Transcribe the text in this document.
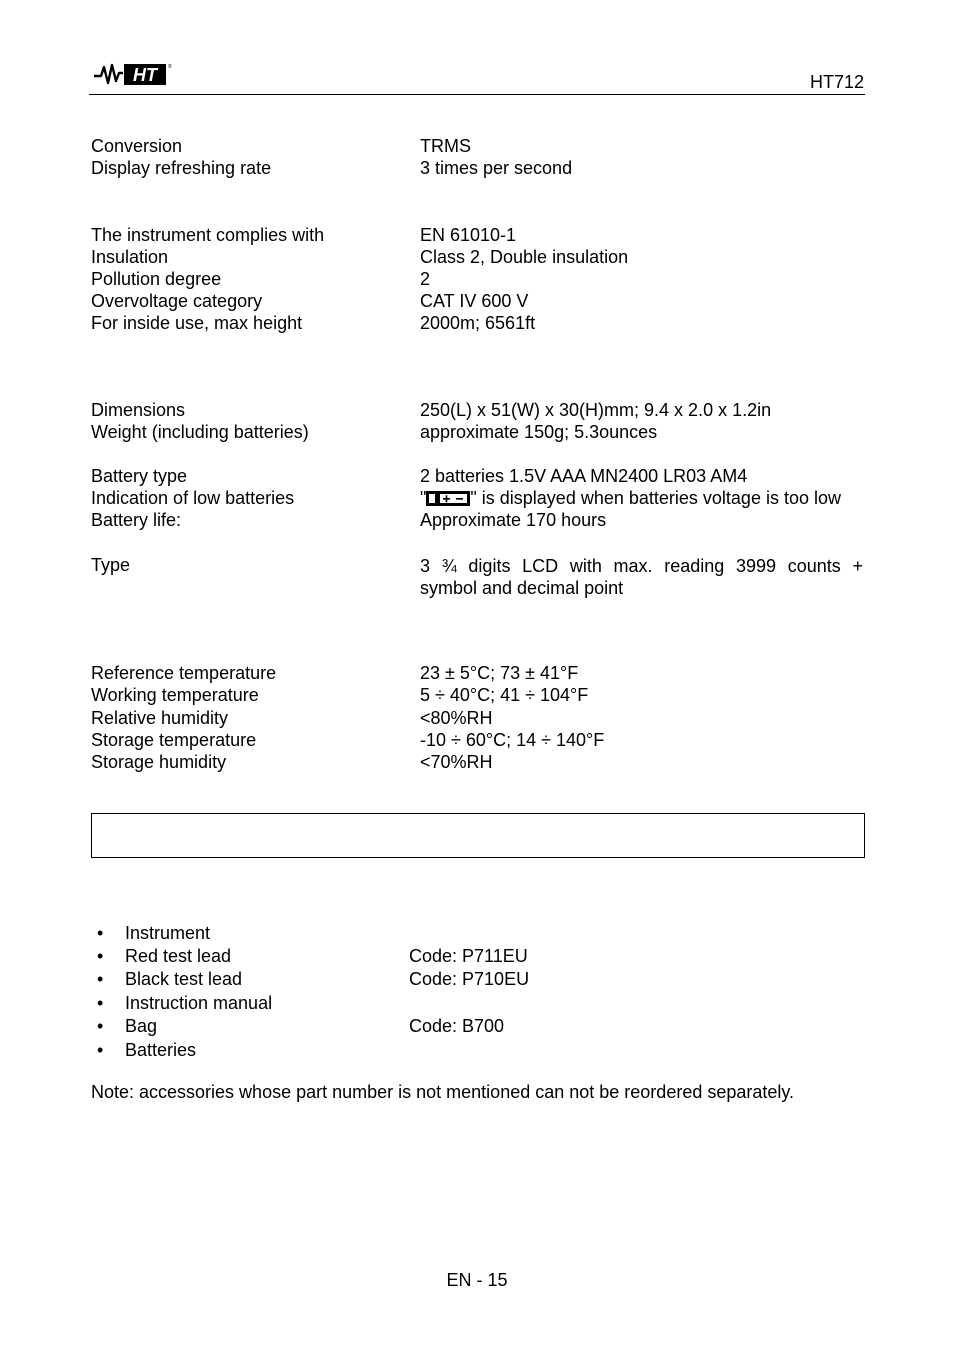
HT	®
HT712
Conversion	TRMS
Display refreshing rate	3 times per second
The instrument complies with	EN 61010-1
Insulation	Class 2, Double insulation
Pollution degree	2
Overvoltage category	CAT IV 600 V
For inside use, max height	2000m; 6561ft
Dimensions	250(L) x 51(W) x 30(H)mm; 9.4 x 2.0 x 1.2in
Weight (including batteries)	approximate 150g; 5.3ounces
Battery type	2 batteries 1.5V AAA MN2400 LR03 AM4
Indication of low batteries	" " is displayed when batteries voltage is too low
Battery life:	Approximate 170 hours
Type	3 ¾ digits LCD with max. reading 3999 counts +
symbol and decimal point
Reference temperature	23 ± 5°C; 73 ± 41°F
Working temperature	5 ÷ 40°C; 41 ÷ 104°F
Relative humidity	<80%RH
Storage temperature	-10 ÷ 60°C; 14 ÷ 140°F
Storage humidity	<70%RH
• Instrument
• Red test lead	Code: P711EU
• Black test lead	Code: P710EU
• Instruction manual
• Bag	Code: B700
• Batteries
Note: accessories whose part number is not mentioned can not be reordered separately.
EN - 15
